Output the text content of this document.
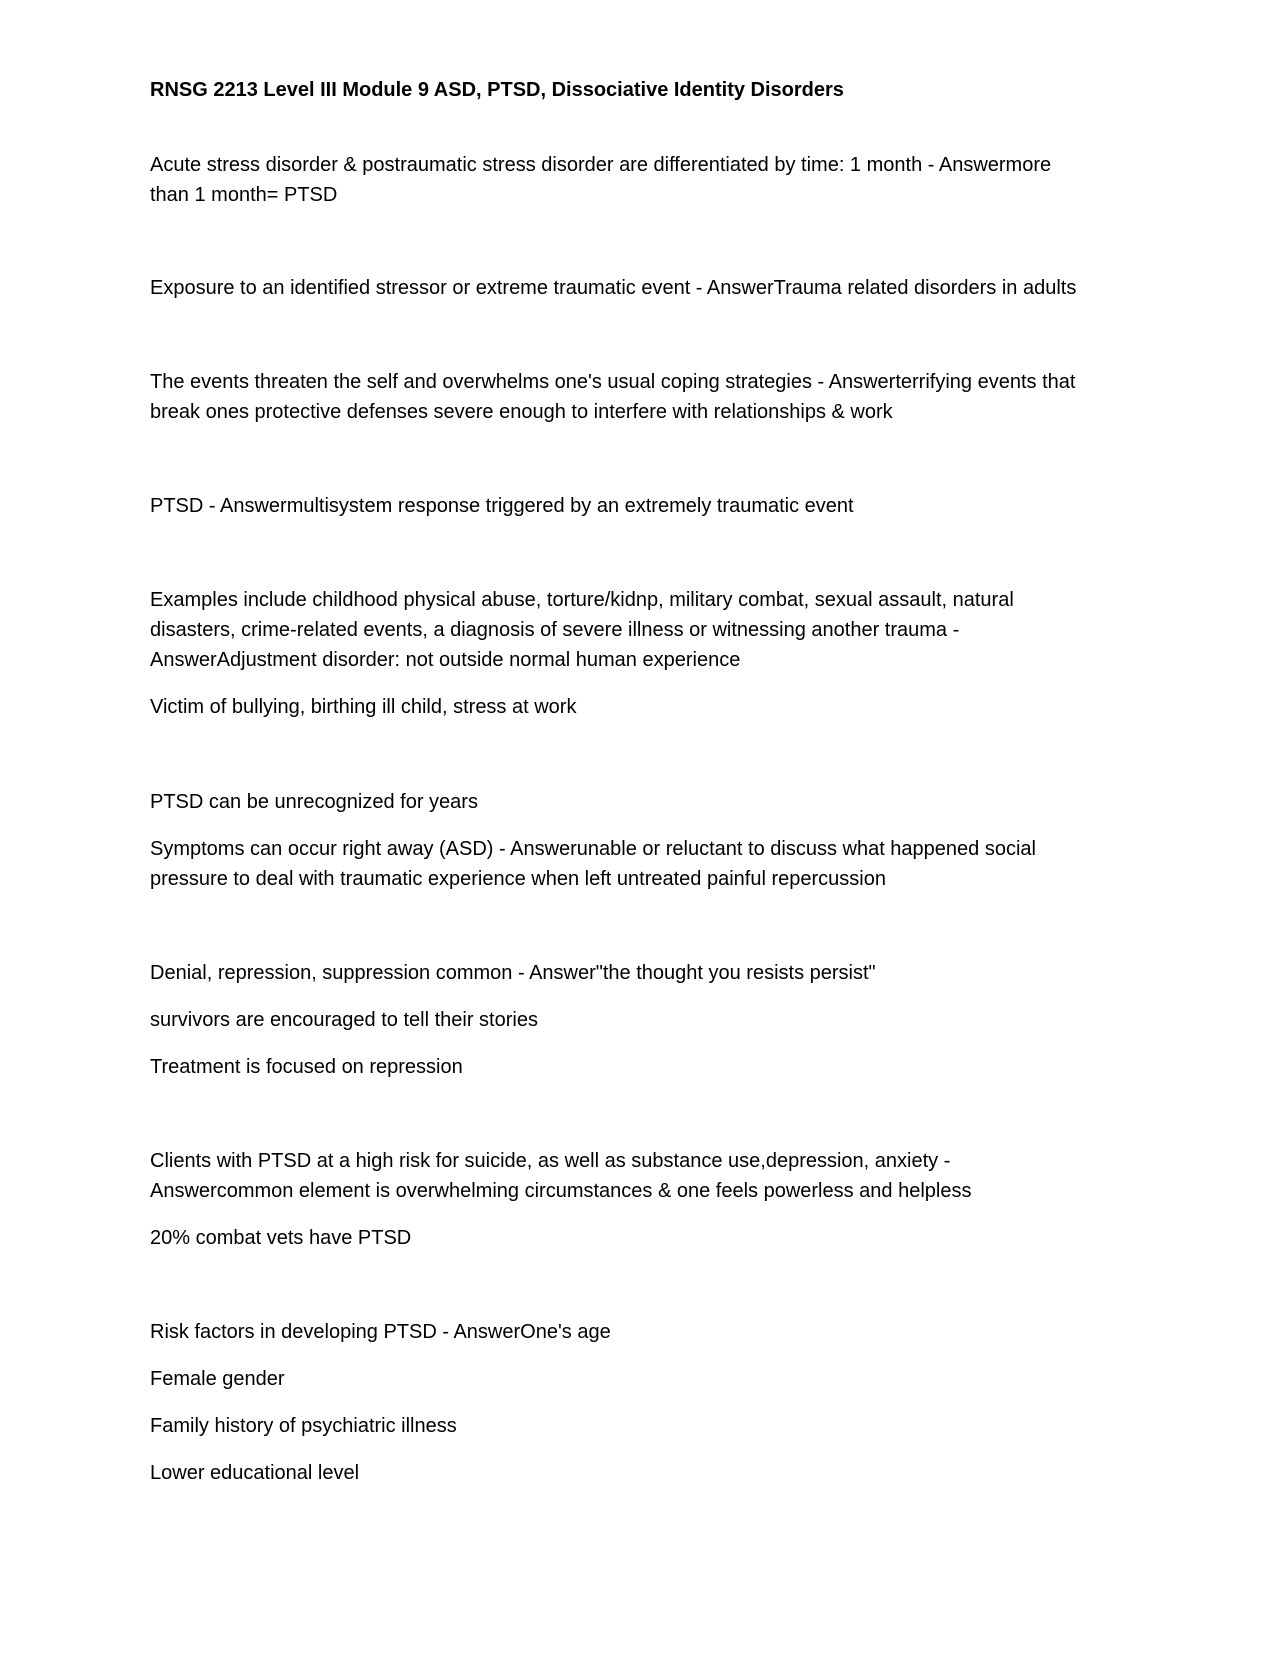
RNSG 2213 Level III Module 9 ASD, PTSD, Dissociative Identity Disorders
Acute stress disorder & postraumatic stress disorder are differentiated by time: 1 month - Answermore
than 1 month= PTSD
Exposure to an identified stressor or extreme traumatic event - AnswerTrauma related disorders in adults
The events threaten the self and overwhelms one's usual coping strategies - Answerterrifying events that
break ones protective defenses severe enough to interfere with relationships & work
PTSD - Answermultisystem response triggered by an extremely traumatic event
Examples include childhood physical abuse, torture/kidnp, military combat, sexual assault, natural
disasters, crime-related events, a diagnosis of severe illness or witnessing another trauma -
AnswerAdjustment disorder: not outside normal human experience
Victim of bullying, birthing ill child, stress at work
PTSD can be unrecognized for years
Symptoms can occur right away (ASD) - Answerunable or reluctant to discuss what happened social
pressure to deal with traumatic experience when left untreated painful repercussion
Denial, repression, suppression common - Answer"the thought you resists persist"
survivors are encouraged to tell their stories
Treatment is focused on repression
Clients with PTSD at a high risk for suicide, as well as substance use,depression, anxiety -
Answercommon element is overwhelming circumstances & one feels powerless and helpless
20% combat vets have PTSD
Risk factors in developing PTSD - AnswerOne's age
Female gender
Family history of psychiatric illness
Lower educational level
